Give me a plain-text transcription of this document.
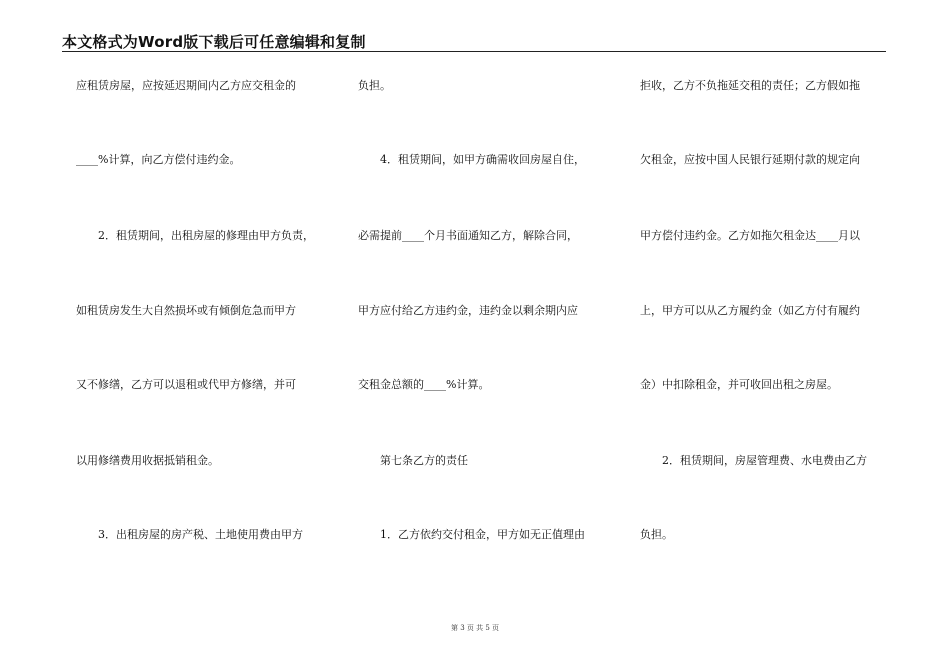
本文格式为Word版下载后可任意编辑和复制
应租赁房屋，应按延迟期间内乙方应交租金的
____%计算，向乙方偿付违约金。
　　2．租赁期间，出租房屋的修理由甲方负责，
如租赁房发生大自然损坏或有倾倒危急而甲方
又不修缮，乙方可以退租或代甲方修缮，并可
以用修缮费用收据抵销租金。
　　3．出租房屋的房产税、土地使用费由甲方
负担。
　　4．租赁期间，如甲方确需收回房屋自住，
必需提前____个月书面通知乙方，解除合同，
甲方应付给乙方违约金，违约金以剩余期内应
交租金总额的____%计算。
　　第七条乙方的责任
　　1．乙方依约交付租金，甲方如无正值理由
拒收，乙方不负拖延交租的责任；乙方假如拖
欠租金，应按中国人民银行延期付款的规定向
甲方偿付违约金。乙方如拖欠租金达____月以
上，甲方可以从乙方履约金（如乙方付有履约
金）中扣除租金，并可收回出租之房屋。
　　2．租赁期间，房屋管理费、水电费由乙方
负担。
第 3 页 共 5 页
